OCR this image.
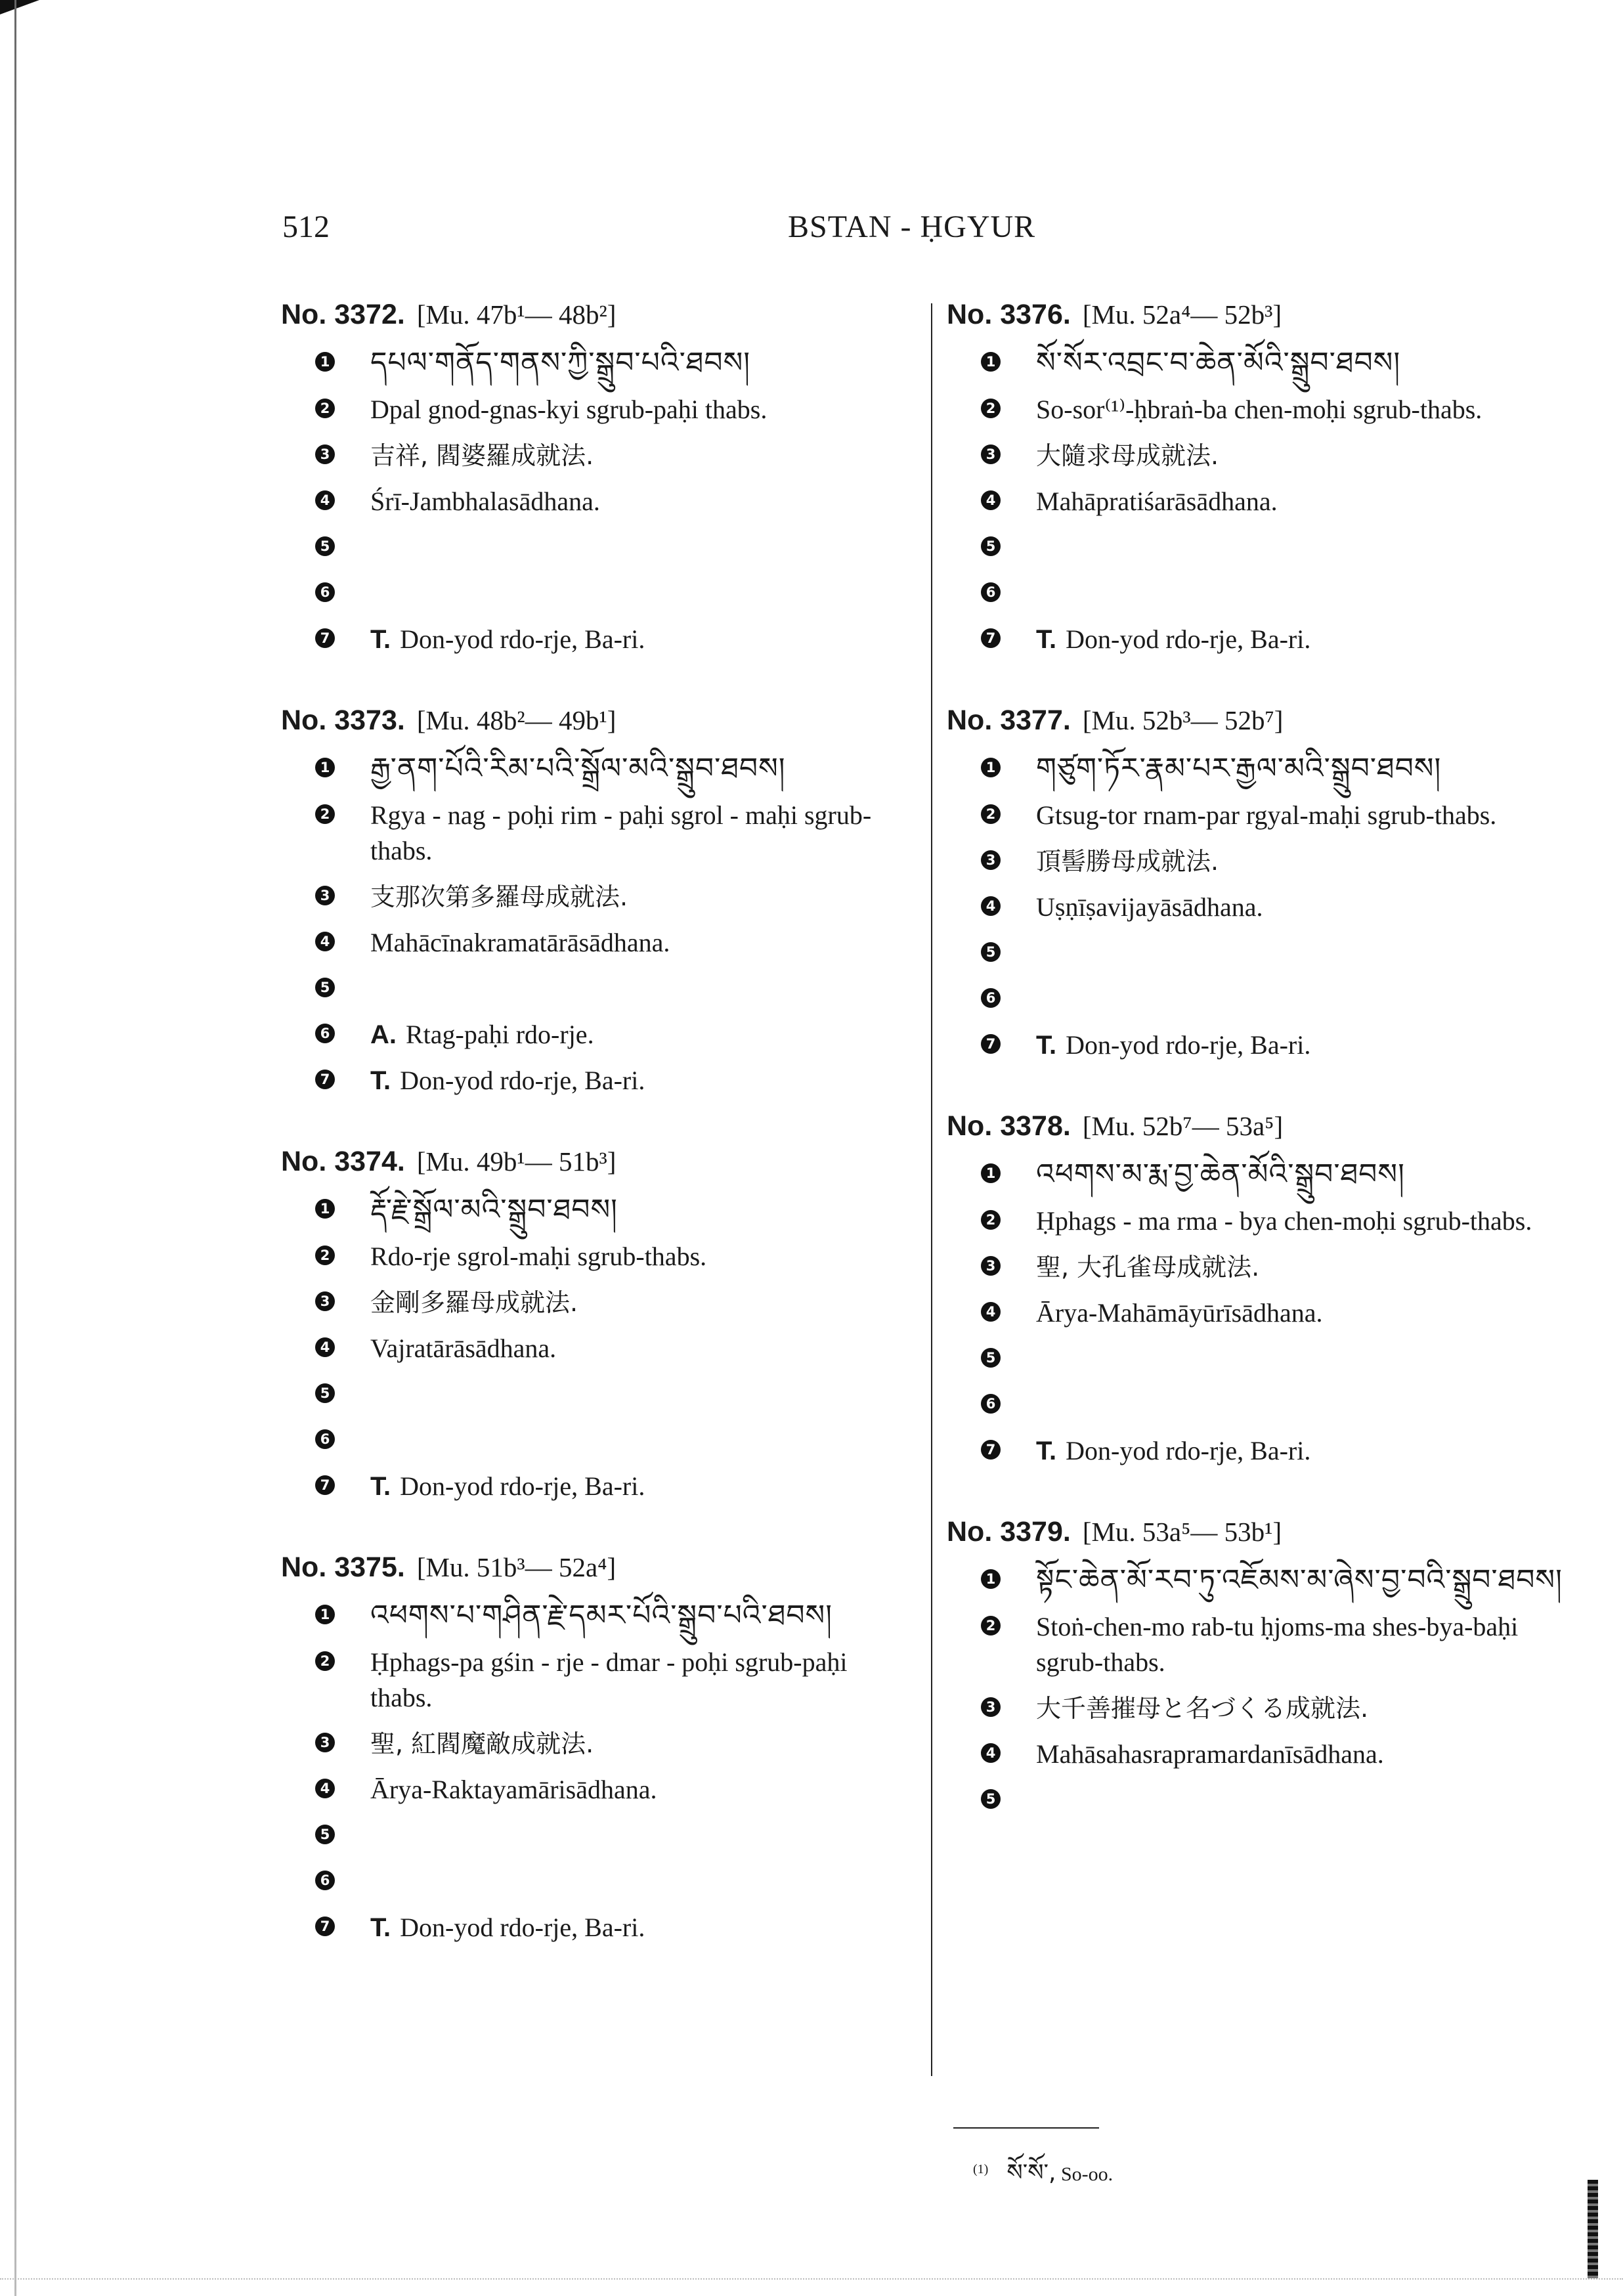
512	BSTAN - ḤGYUR
No. 3372. [Mu. 47b¹— 48b²]
1 དཔལ་གནོད་གནས་ཀྱི་སྒྲུབ་པའི་ཐབས།
2 Dpal gnod-gnas-kyi sgrub-paḥi thabs.
3 吉祥, 閻婆羅成就法.
4 Śrī-Jambhalasādhana.
5
6
7 T. Don-yod rdo-rje, Ba-ri.
No. 3373. [Mu. 48b²— 49b¹]
1 རྒྱ་ནག་པོའི་རིམ་པའི་སྒྲོལ་མའི་སྒྲུབ་ཐབས།
2 Rgya - nag - poḥi rim - paḥi sgrol - maḥi sgrub-thabs.
3 支那次第多羅母成就法.
4 Mahācīnakramatārāsādhana.
5
6 A. Rtag-paḥi rdo-rje.
7 T. Don-yod rdo-rje, Ba-ri.
No. 3374. [Mu. 49b¹— 51b³]
1 རྡོ་རྗེ་སྒྲོལ་མའི་སྒྲུབ་ཐབས།
2 Rdo-rje sgrol-maḥi sgrub-thabs.
3 金剛多羅母成就法.
4 Vajratārāsādhana.
5
6
7 T. Don-yod rdo-rje, Ba-ri.
No. 3375. [Mu. 51b³— 52a⁴]
1 འཕགས་པ་གཤིན་རྗེ་དམར་པོའི་སྒྲུབ་པའི་ཐབས།
2 Ḥphags-pa gśin - rje - dmar - poḥi sgrub-paḥi thabs.
3 聖, 紅閻魔敵成就法.
4 Ārya-Raktayamārisādhana.
5
6
7 T. Don-yod rdo-rje, Ba-ri.
No. 3376. [Mu. 52a⁴— 52b³]
1 སོ་སོར་འབྲང་བ་ཆེན་མོའི་སྒྲུབ་ཐབས།
2 So-sor⁽¹⁾-ḥbraṅ-ba chen-moḥi sgrub-thabs.
3 大隨求母成就法.
4 Mahāpratiśarāsādhana.
5
6
7 T. Don-yod rdo-rje, Ba-ri.
No. 3377. [Mu. 52b³— 52b⁷]
1 གཙུག་ཏོར་རྣམ་པར་རྒྱལ་མའི་སྒྲུབ་ཐབས།
2 Gtsug-tor rnam-par rgyal-maḥi sgrub-thabs.
3 頂髻勝母成就法.
4 Uṣṇīṣavijayāsādhana.
5
6
7 T. Don-yod rdo-rje, Ba-ri.
No. 3378. [Mu. 52b⁷— 53a⁵]
1 འཕགས་མ་རྨ་བྱ་ཆེན་མོའི་སྒྲུབ་ཐབས།
2 Ḥphags - ma rma - bya chen-moḥi sgrub-thabs.
3 聖, 大孔雀母成就法.
4 Ārya-Mahāmāyūrīsādhana.
5
6
7 T. Don-yod rdo-rje, Ba-ri.
No. 3379. [Mu. 53a⁵— 53b¹]
1 སྟོང་ཆེན་མོ་རབ་ཏུ་འཇོམས་མ་ཞེས་བྱ་བའི་སྒྲུབ་ཐབས།
2 Stoṅ-chen-mo rab-tu ḥjoms-ma shes-bya-baḥi sgrub-thabs.
3 大千善摧母と名づくる成就法.
4 Mahāsahasrapramardanīsādhana.
5
$^{(1)}$ སོ་སོ་, So-oo.
